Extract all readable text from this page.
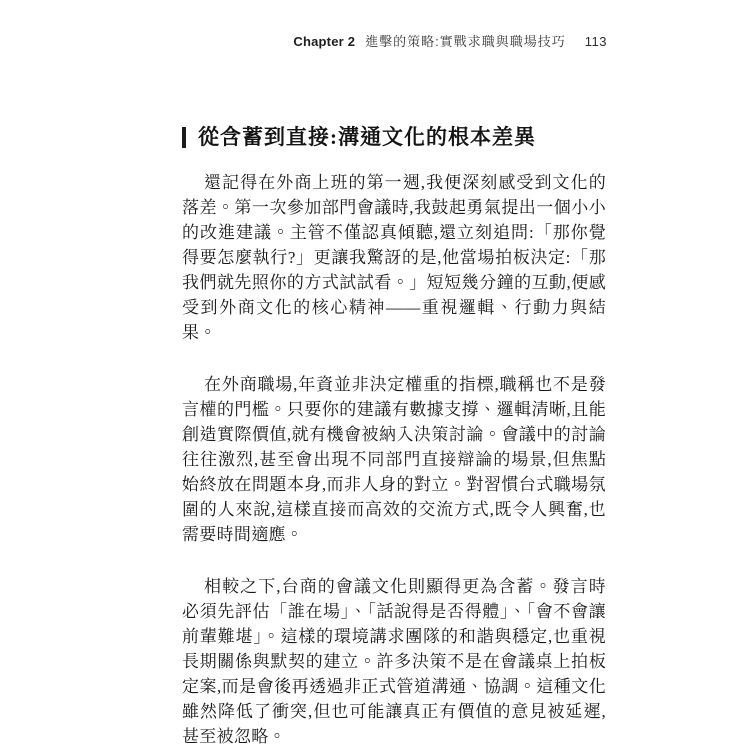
Chapter 2 進擊的策略:實戰求職與職場技巧 113
從含蓄到直接:溝通文化的根本差異

還記得在外商上班的第一週,我便深刻感受到文化的落差。第一次參加部門會議時,我鼓起勇氣提出一個小小的改進建議。主管不僅認真傾聽,還立刻追問:「那你覺得要怎麼執行?」更讓我驚訝的是,他當場拍板決定:「那我們就先照你的方式試試看。」短短幾分鐘的互動,便感受到外商文化的核心精神——重視邏輯、行動力與結果。

在外商職場,年資並非決定權重的指標,職稱也不是發言權的門檻。只要你的建議有數據支撐、邏輯清晰,且能創造實際價值,就有機會被納入決策討論。會議中的討論往往激烈,甚至會出現不同部門直接辯論的場景,但焦點始終放在問題本身,而非人身的對立。對習慣台式職場氛圍的人來說,這樣直接而高效的交流方式,既令人興奮,也需要時間適應。

相較之下,台商的會議文化則顯得更為含蓄。發言時必須先評估「誰在場」、「話說得是否得體」、「會不會讓前輩難堪」。這樣的環境講求團隊的和諧與穩定,也重視長期關係與默契的建立。許多決策不是在會議桌上拍板定案,而是會後再透過非正式管道溝通、協調。這種文化雖然降低了衝突,但也可能讓真正有價值的意見被延遲,甚至被忽略。
